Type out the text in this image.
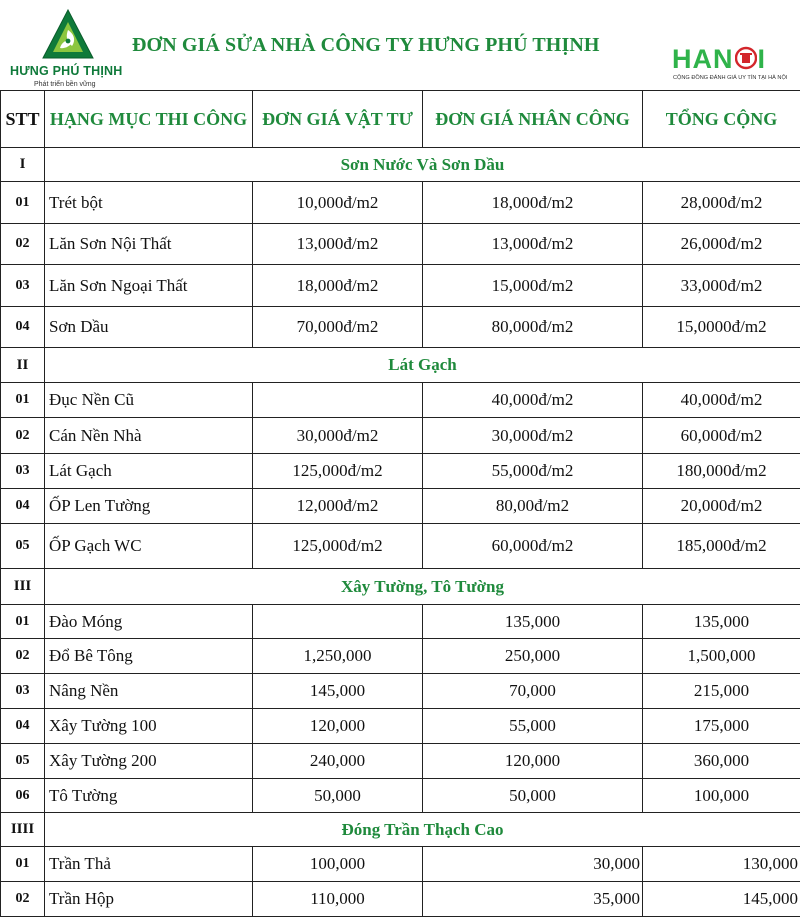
HƯNG PHÚ THỊNH
Phát triển bền vững
ĐƠN GIÁ SỬA NHÀ CÔNG TY HƯNG PHÚ THỊNH	HAN I
CỘNG ĐỒNG ĐÁNH GIÁ UY TÍN TẠI HÀ NỘI
STT	HẠNG MỤC THI CÔNG	ĐƠN GIÁ VẬT TƯ	ĐƠN GIÁ NHÂN CÔNG	TỔNG CỘNG
I	Sơn Nước Và Sơn Dầu			
01	Trét bột	10,000đ/m2	18,000đ/m2	28,000đ/m2
02	Lăn Sơn Nội Thất	13,000đ/m2	13,000đ/m2	26,000đ/m2
03	Lăn Sơn Ngoại Thất	18,000đ/m2	15,000đ/m2	33,000đ/m2
04	Sơn Dầu	70,000đ/m2	80,000đ/m2	15,0000đ/m2
II	Lát Gạch			
01	Đục Nền Cũ		40,000đ/m2	40,000đ/m2
02	Cán Nền Nhà	30,000đ/m2	30,000đ/m2	60,000đ/m2
03	Lát Gạch	125,000đ/m2	55,000đ/m2	180,000đ/m2
04	ỐP Len Tường	12,000đ/m2	80,00đ/m2	20,000đ/m2
05	ỐP Gạch WC	125,000đ/m2	60,000đ/m2	185,000đ/m2
III	Xây Tường, Tô Tường			
01	Đào Móng		135,000	135,000
02	Đổ Bê Tông	1,250,000	250,000	1,500,000
03	Nâng Nền	145,000	70,000	215,000
04	Xây Tường 100	120,000	55,000	175,000
05	Xây Tường 200	240,000	120,000	360,000
06	Tô Tường	50,000	50,000	100,000
IIII	Đóng Trần Thạch Cao			
01	Trần Thả	100,000	30,000	130,000
02	Trần Hộp	110,000	35,000	145,000
